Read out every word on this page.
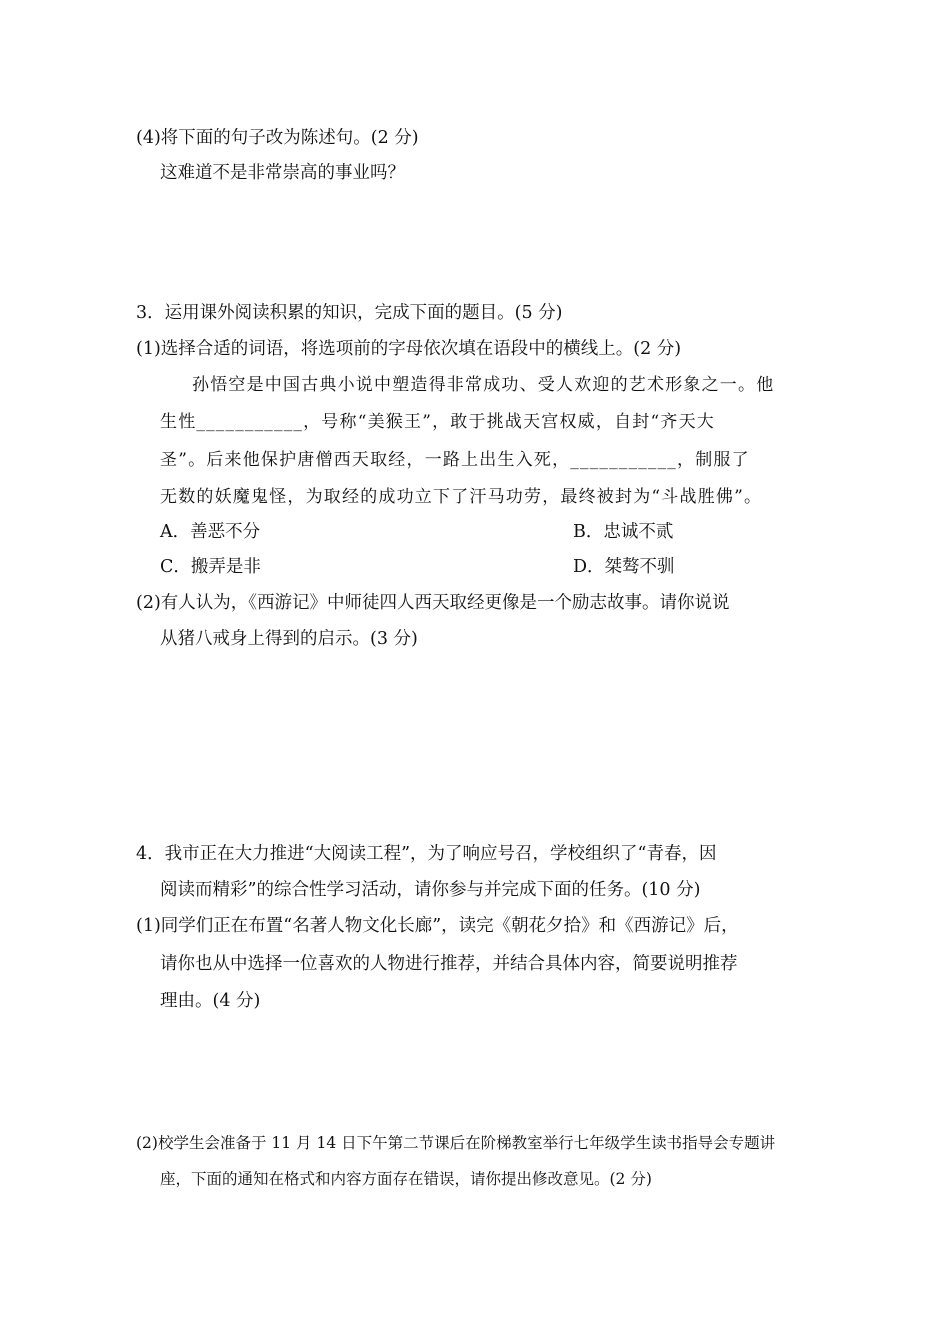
(4)将下面的句子改为陈述句。(2 分)
这难道不是非常崇高的事业吗？
3．运用课外阅读积累的知识，完成下面的题目。(5 分)
(1)选择合适的词语，将选项前的字母依次填在语段中的横线上。(2 分)
孙悟空是中国古典小说中塑造得非常成功、受人欢迎的艺术形象之一。他
生性___________，号称“美猴王”，敢于挑战天宫权威，自封“齐天大
圣”。后来他保护唐僧西天取经，一路上出生入死，___________，制服了
无数的妖魔鬼怪，为取经的成功立下了汗马功劳，最终被封为“斗战胜佛”。
A．善恶不分	B．忠诚不贰
C．搬弄是非	D．桀骜不驯
(2)有人认为，《西游记》中师徒四人西天取经更像是一个励志故事。请你说说
从猪八戒身上得到的启示。(3 分)
4．我市正在大力推进“大阅读工程”，为了响应号召，学校组织了“青春，因
阅读而精彩”的综合性学习活动，请你参与并完成下面的任务。(10 分)
(1)同学们正在布置“名著人物文化长廊”，读完《朝花夕拾》和《西游记》后，
请你也从中选择一位喜欢的人物进行推荐，并结合具体内容，简要说明推荐
理由。(4 分)
(2)校学生会准备于 11 月 14 日下午第二节课后在阶梯教室举行七年级学生读书指导会专题讲
座，下面的通知在格式和内容方面存在错误，请你提出修改意见。(2 分)
